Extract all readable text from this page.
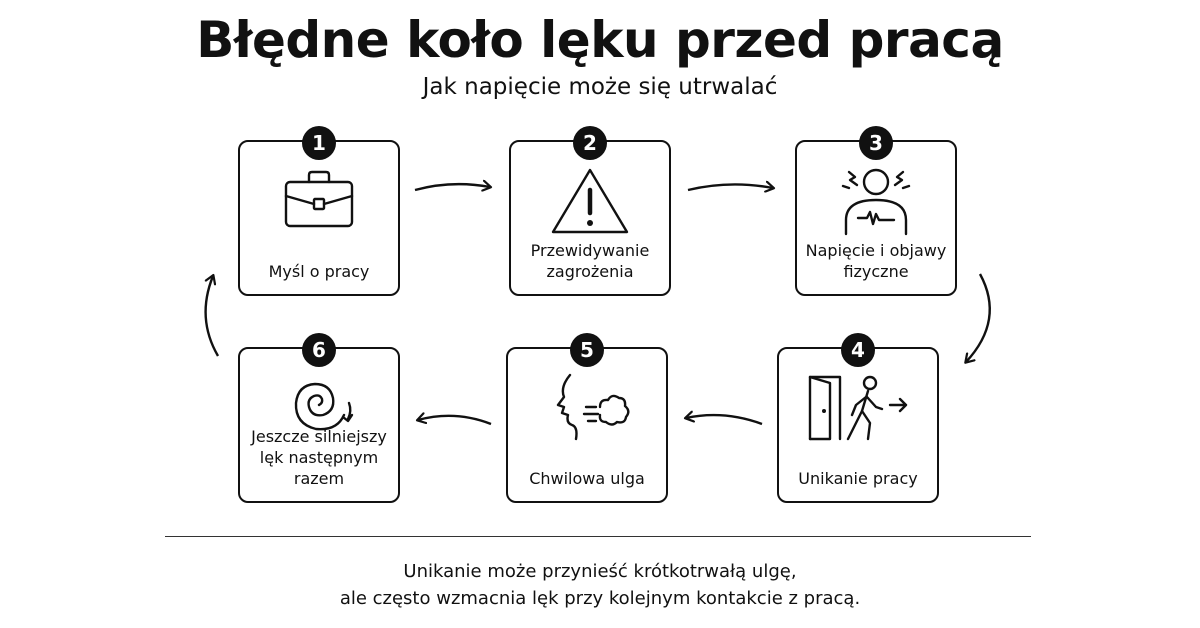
Błędne koło lęku przed pracą
Jak napięcie może się utrwalać
1
Myśl o pracy
2
Przewidywanie
zagrożenia
3
Napięcie i objawy
fizyczne
4
Unikanie pracy
5
Chwilowa ulga
6
Jeszcze silniejszy
lęk następnym razem
Unikanie może przynieść krótkotrwałą ulgę,
ale często wzmacnia lęk przy kolejnym kontakcie z pracą.
